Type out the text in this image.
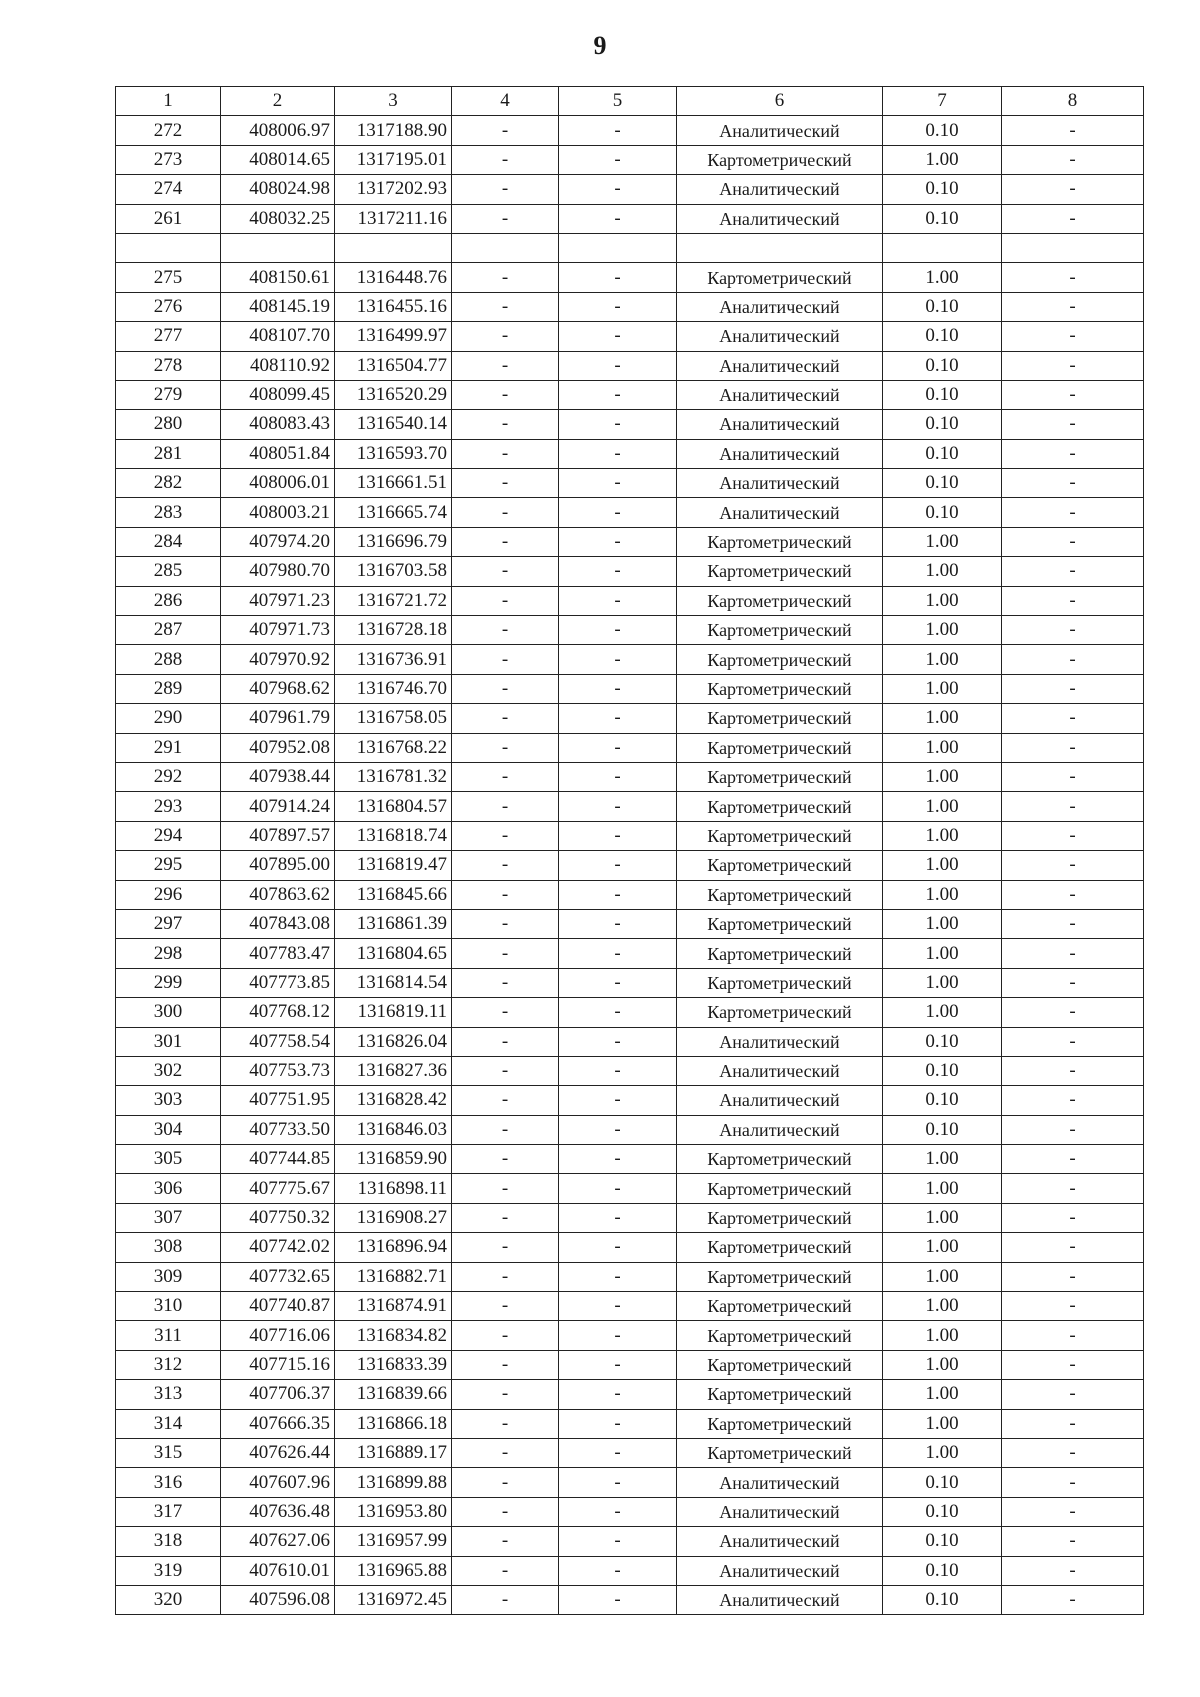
9
1	2	3	4	5	6	7	8
272	408006.97	1317188.90	-	-	Аналитический	0.10	-
273	408014.65	1317195.01	-	-	Картометрический	1.00	-
274	408024.98	1317202.93	-	-	Аналитический	0.10	-
261	408032.25	1317211.16	-	-	Аналитический	0.10	-

275	408150.61	1316448.76	-	-	Картометрический	1.00	-
276	408145.19	1316455.16	-	-	Аналитический	0.10	-
277	408107.70	1316499.97	-	-	Аналитический	0.10	-
278	408110.92	1316504.77	-	-	Аналитический	0.10	-
279	408099.45	1316520.29	-	-	Аналитический	0.10	-
280	408083.43	1316540.14	-	-	Аналитический	0.10	-
281	408051.84	1316593.70	-	-	Аналитический	0.10	-
282	408006.01	1316661.51	-	-	Аналитический	0.10	-
283	408003.21	1316665.74	-	-	Аналитический	0.10	-
284	407974.20	1316696.79	-	-	Картометрический	1.00	-
285	407980.70	1316703.58	-	-	Картометрический	1.00	-
286	407971.23	1316721.72	-	-	Картометрический	1.00	-
287	407971.73	1316728.18	-	-	Картометрический	1.00	-
288	407970.92	1316736.91	-	-	Картометрический	1.00	-
289	407968.62	1316746.70	-	-	Картометрический	1.00	-
290	407961.79	1316758.05	-	-	Картометрический	1.00	-
291	407952.08	1316768.22	-	-	Картометрический	1.00	-
292	407938.44	1316781.32	-	-	Картометрический	1.00	-
293	407914.24	1316804.57	-	-	Картометрический	1.00	-
294	407897.57	1316818.74	-	-	Картометрический	1.00	-
295	407895.00	1316819.47	-	-	Картометрический	1.00	-
296	407863.62	1316845.66	-	-	Картометрический	1.00	-
297	407843.08	1316861.39	-	-	Картометрический	1.00	-
298	407783.47	1316804.65	-	-	Картометрический	1.00	-
299	407773.85	1316814.54	-	-	Картометрический	1.00	-
300	407768.12	1316819.11	-	-	Картометрический	1.00	-
301	407758.54	1316826.04	-	-	Аналитический	0.10	-
302	407753.73	1316827.36	-	-	Аналитический	0.10	-
303	407751.95	1316828.42	-	-	Аналитический	0.10	-
304	407733.50	1316846.03	-	-	Аналитический	0.10	-
305	407744.85	1316859.90	-	-	Картометрический	1.00	-
306	407775.67	1316898.11	-	-	Картометрический	1.00	-
307	407750.32	1316908.27	-	-	Картометрический	1.00	-
308	407742.02	1316896.94	-	-	Картометрический	1.00	-
309	407732.65	1316882.71	-	-	Картометрический	1.00	-
310	407740.87	1316874.91	-	-	Картометрический	1.00	-
311	407716.06	1316834.82	-	-	Картометрический	1.00	-
312	407715.16	1316833.39	-	-	Картометрический	1.00	-
313	407706.37	1316839.66	-	-	Картометрический	1.00	-
314	407666.35	1316866.18	-	-	Картометрический	1.00	-
315	407626.44	1316889.17	-	-	Картометрический	1.00	-
316	407607.96	1316899.88	-	-	Аналитический	0.10	-
317	407636.48	1316953.80	-	-	Аналитический	0.10	-
318	407627.06	1316957.99	-	-	Аналитический	0.10	-
319	407610.01	1316965.88	-	-	Аналитический	0.10	-
320	407596.08	1316972.45	-	-	Аналитический	0.10	-
